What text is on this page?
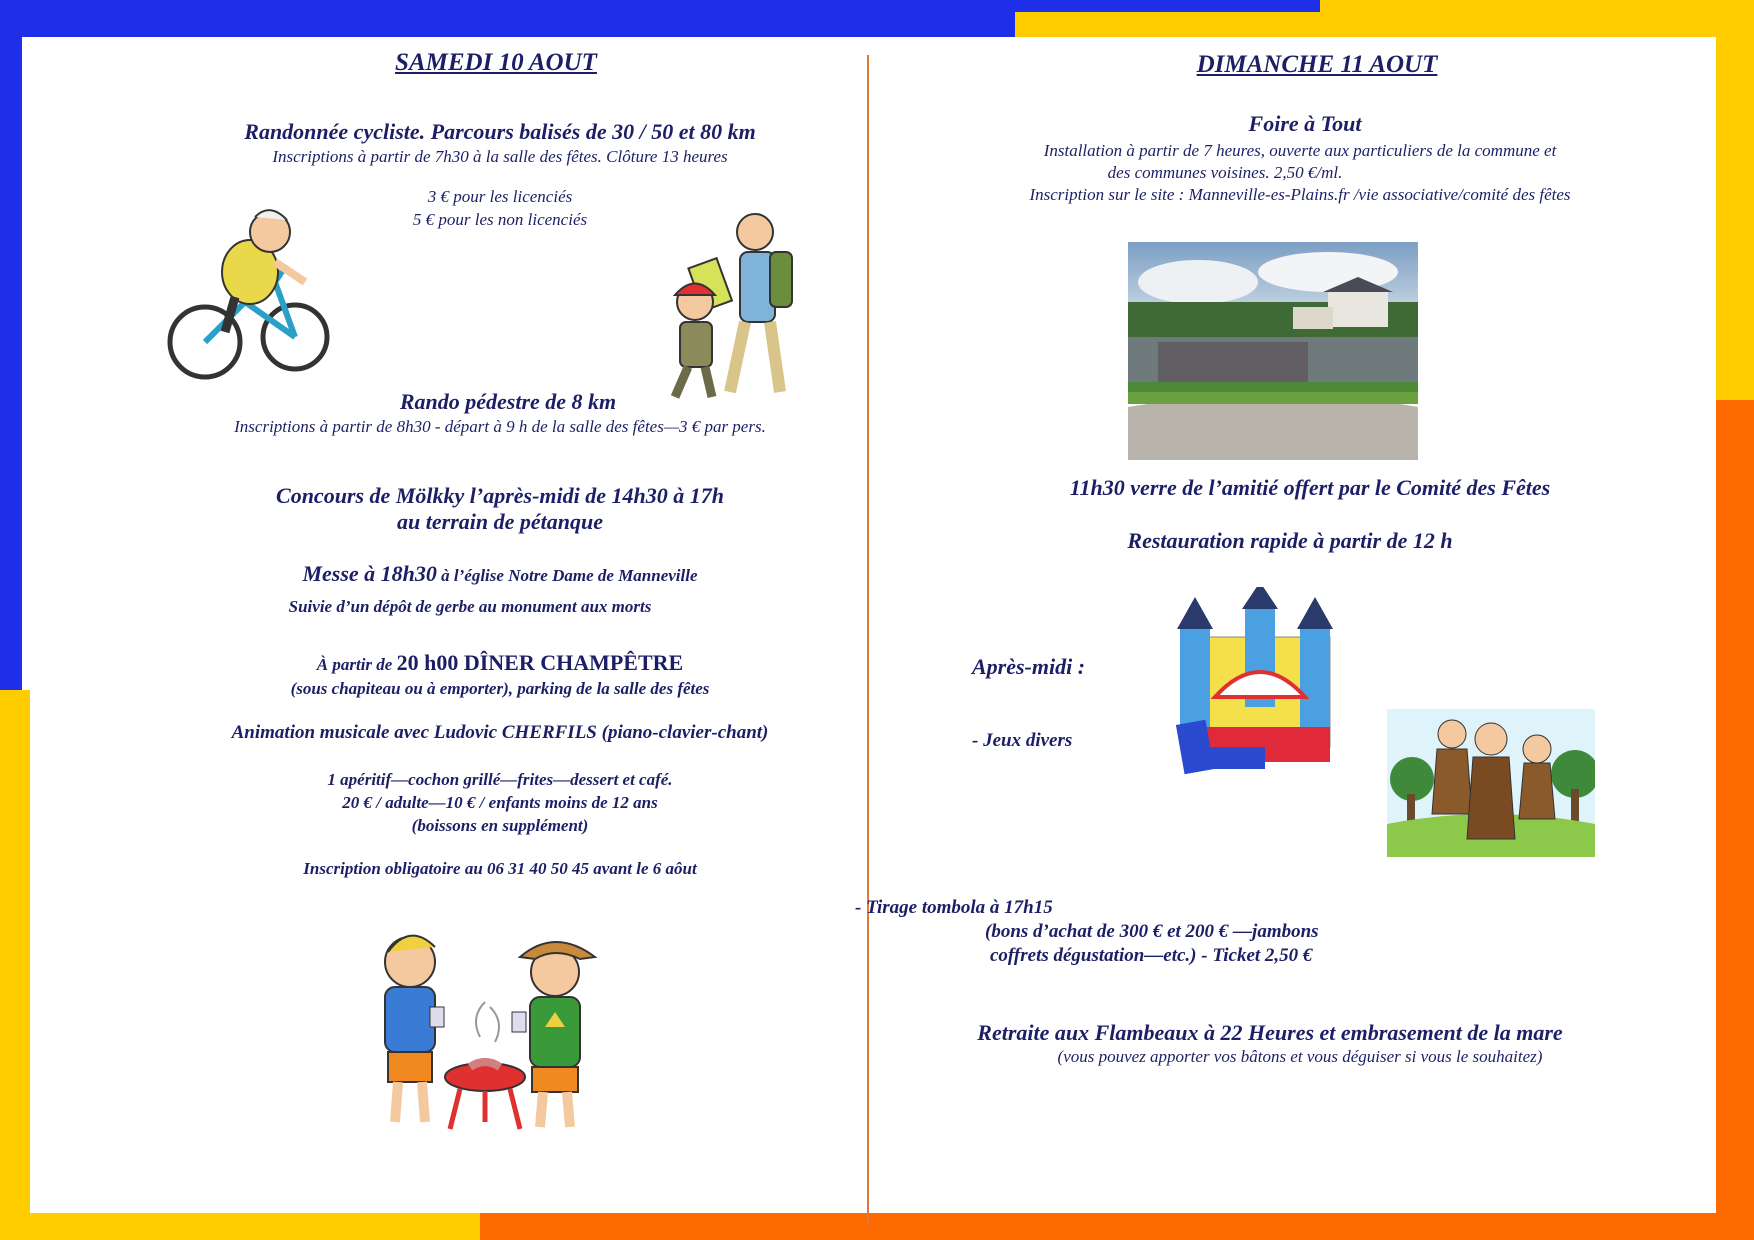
SAMEDI 10 AOUT
Randonnée cycliste. Parcours balisés de 30 / 50 et 80 km
Inscriptions à partir de 7h30 à la salle des fêtes. Clôture 13 heures
3 € pour les licenciés
5 € pour les non licenciés
Rando pédestre de 8 km
Inscriptions à partir de 8h30 - départ à 9 h de la salle des fêtes—3 € par pers.
Concours de Mölkky l’après-midi de 14h30 à 17h
au terrain de pétanque
Messe à 18h30 à l’église Notre Dame de Manneville
Suivie d’un dépôt de gerbe au monument aux morts
À partir de 20 h00 DÎNER CHAMPÊTRE
(sous chapiteau ou à emporter), parking de la salle des fêtes
Animation musicale avec Ludovic CHERFILS (piano-clavier-chant)
1 apéritif—cochon grillé—frites—dessert et café.
20 € / adulte—10 € / enfants moins de 12 ans
(boissons en supplément)
Inscription obligatoire au 06 31 40 50 45 avant le 6 aôut
DIMANCHE 11 AOUT
Foire à Tout
Installation à partir de 7 heures, ouverte aux particuliers de la commune et
des communes voisines. 2,50 €/ml.
Inscription sur le site : Manneville-es-Plains.fr /vie associative/comité des fêtes
11h30 verre de l’amitié offert par le Comité des Fêtes
Restauration rapide à partir de 12 h
Après-midi :
- Jeux divers
- Tirage tombola à 17h15
(bons d’achat de 300 € et 200 € —jambons
coffrets dégustation—etc.) - Ticket 2,50 €
Retraite aux Flambeaux à 22 Heures et embrasement de la mare
(vous pouvez apporter vos bâtons et vous déguiser si vous le souhaitez)
